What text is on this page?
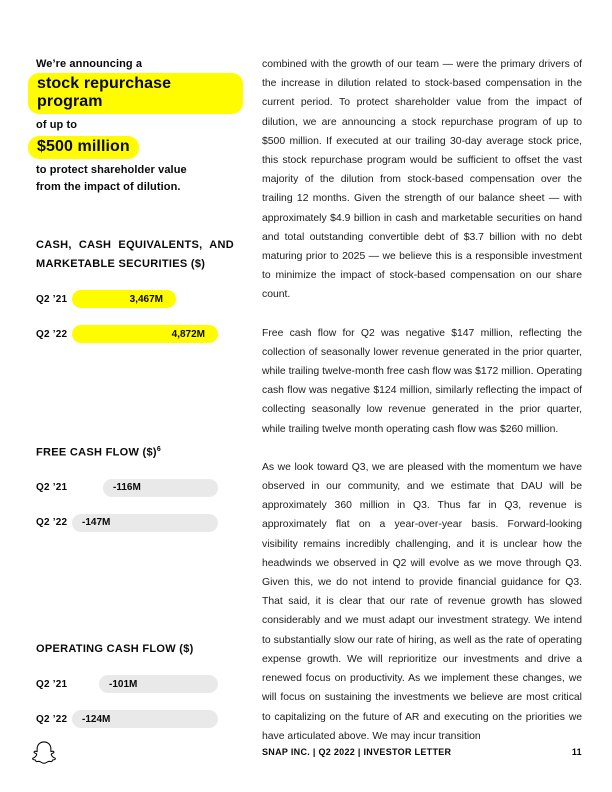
We’re announcing a
stock repurchase program
of up to
$500 million
to protect shareholder value
from the impact of dilution.
CASH, CASH EQUIVALENTS, AND MARKETABLE SECURITIES ($)
Q2 ’21	3,467M
Q2 ’22	4,872M
FREE CASH FLOW ($)$^6$
Q2 ’21	-116M
Q2 ’22	-147M
OPERATING CASH FLOW ($)
Q2 ’21	-101M
Q2 ’22	-124M

combined with the growth of our team — were the primary drivers of the increase in dilution related to stock-based compensation in the current period. To protect shareholder value from the impact of dilution, we are announcing a stock repurchase program of up to $500 million. If executed at our trailing 30-day average stock price, this stock repurchase program would be sufficient to offset the vast majority of the dilution from stock-based compensation over the trailing 12 months. Given the strength of our balance sheet — with approximately $4.9 billion in cash and marketable securities on hand and total outstanding convertible debt of $3.7 billion with no debt maturing prior to 2025 — we believe this is a responsible investment to minimize the impact of stock-based compensation on our share count.

Free cash flow for Q2 was negative $147 million, reflecting the collection of seasonally lower revenue generated in the prior quarter, while trailing twelve-month free cash flow was $172 million. Operating cash flow was negative $124 million, similarly reflecting the impact of collecting seasonally low revenue generated in the prior quarter, while trailing twelve month operating cash flow was $260 million.

As we look toward Q3, we are pleased with the momentum we have observed in our community, and we estimate that DAU will be approximately 360 million in Q3. Thus far in Q3, revenue is approximately flat on a year-over-year basis. Forward-looking visibility remains incredibly challenging, and it is unclear how the headwinds we observed in Q2 will evolve as we move through Q3. Given this, we do not intend to provide financial guidance for Q3. That said, it is clear that our rate of revenue growth has slowed considerably and we must adapt our investment strategy. We intend to substantially slow our rate of hiring, as well as the rate of operating expense growth. We will reprioritize our investments and drive a renewed focus on productivity. As we implement these changes, we will focus on sustaining the investments we believe are most critical to capitalizing on the future of AR and executing on the priorities we have articulated above. We may incur transition

SNAP INC. | Q2 2022 | INVESTOR LETTER	11
